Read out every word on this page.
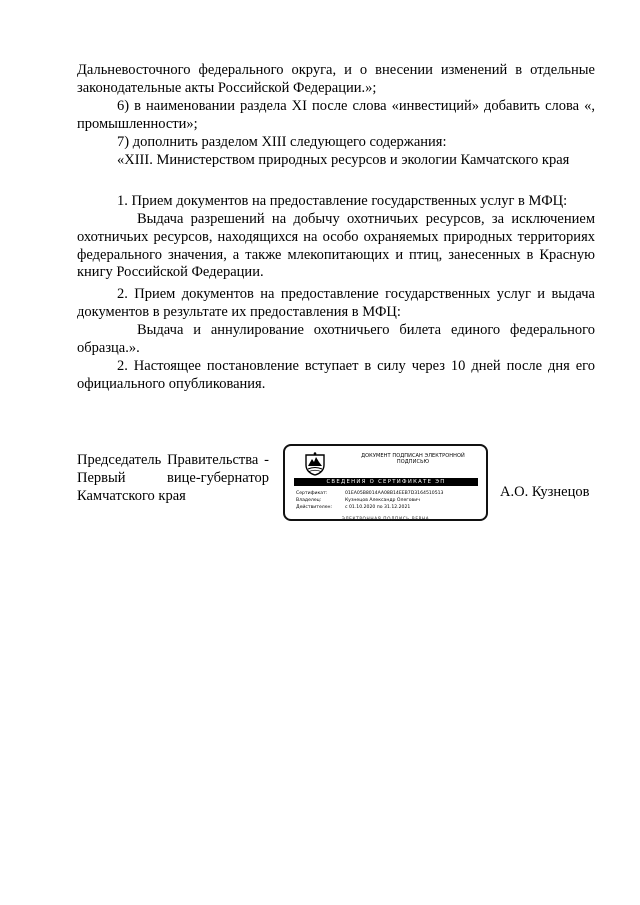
Дальневосточного федерального округа, и о внесении изменений в отдельные законодательные акты Российской Федерации.»;
6) в наименовании раздела XI после слова «инвестиций» добавить слова «, промышленности»;
7) дополнить разделом XIII следующего содержания:
«XIII. Министерством природных ресурсов и экологии Камчатского края
1. Прием документов на предоставление государственных услуг в МФЦ:
Выдача разрешений на добычу охотничьих ресурсов, за исключением охотничьих ресурсов, находящихся на особо охраняемых природных территориях федерального значения, а также млекопитающих и птиц, занесенных в Красную книгу Российской Федерации.
2. Прием документов на предоставление государственных услуг и выдача документов в результате их предоставления в МФЦ:
Выдача и аннулирование охотничьего билета единого федерального образца.».
2. Настоящее постановление вступает в силу через 10 дней после дня его официального опубликования.
Председатель Правительства -
Первый вице-губернатор
Камчатского края
ДОКУМЕНТ ПОДПИСАН ЭЛЕКТРОННОЙ ПОДПИСЬЮ
СВЕДЕНИЯ О СЕРТИФИКАТЕ ЭП
Сертификат:	01EA05B8014AA08B14EEB7D3164510513
Владелец:	Кузнецов Александр Олегович
Действителен:	с 01.10.2020 по 31.12.2021
ЭЛЕКТРОННАЯ ПОДПИСЬ ВЕРНА
А.О. Кузнецов
